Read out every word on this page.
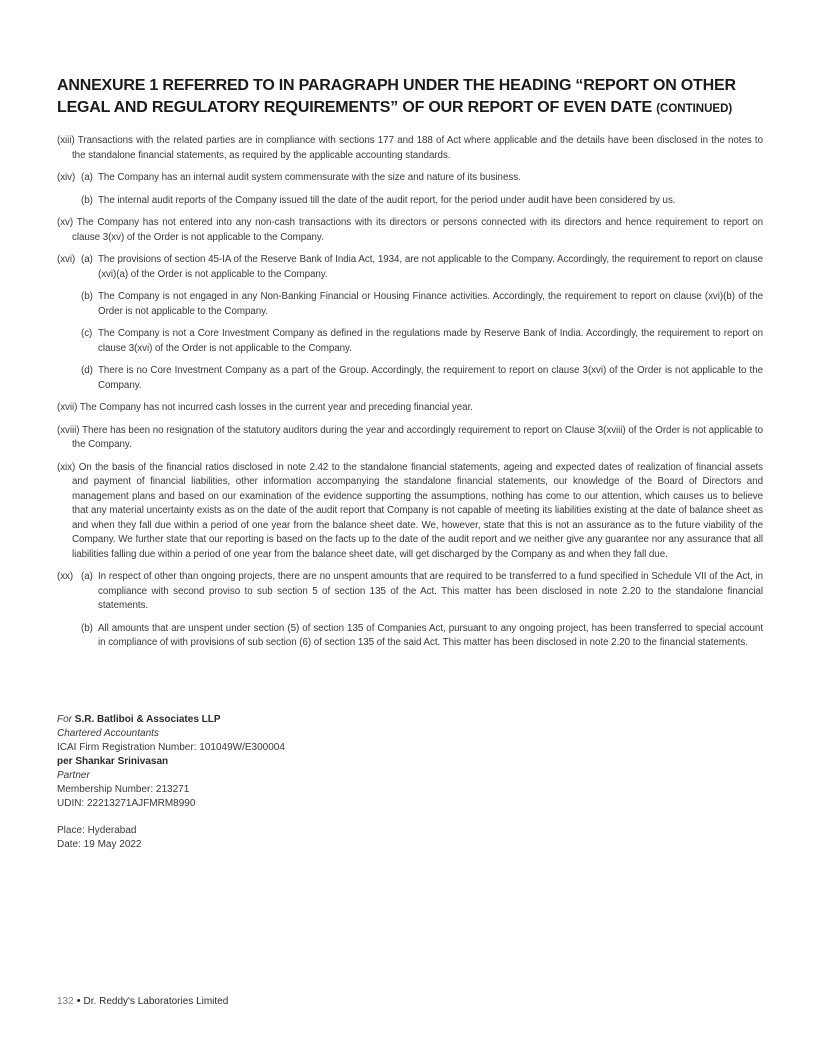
ANNEXURE 1 REFERRED TO IN PARAGRAPH UNDER THE HEADING “REPORT ON OTHER LEGAL AND REGULATORY REQUIREMENTS” OF OUR REPORT OF EVEN DATE (CONTINUED)

(xiii) Transactions with the related parties are in compliance with sections 177 and 188 of Act where applicable and the details have been disclosed in the notes to the standalone financial statements, as required by the applicable accounting standards.

(xiv) (a) The Company has an internal audit system commensurate with the size and nature of its business.
(b) The internal audit reports of the Company issued till the date of the audit report, for the period under audit have been considered by us.

(xv) The Company has not entered into any non-cash transactions with its directors or persons connected with its directors and hence requirement to report on clause 3(xv) of the Order is not applicable to the Company.

(xvi) (a) The provisions of section 45-IA of the Reserve Bank of India Act, 1934, are not applicable to the Company. Accordingly, the requirement to report on clause (xvi)(a) of the Order is not applicable to the Company.
(b) The Company is not engaged in any Non-Banking Financial or Housing Finance activities. Accordingly, the requirement to report on clause (xvi)(b) of the Order is not applicable to the Company.
(c) The Company is not a Core Investment Company as defined in the regulations made by Reserve Bank of India. Accordingly, the requirement to report on clause 3(xvi) of the Order is not applicable to the Company.
(d) There is no Core Investment Company as a part of the Group. Accordingly, the requirement to report on clause 3(xvi) of the Order is not applicable to the Company.

(xvii) The Company has not incurred cash losses in the current year and preceding financial year.

(xviii) There has been no resignation of the statutory auditors during the year and accordingly requirement to report on Clause 3(xviii) of the Order is not applicable to the Company.

(xix) On the basis of the financial ratios disclosed in note 2.42 to the standalone financial statements, ageing and expected dates of realization of financial assets and payment of financial liabilities, other information accompanying the standalone financial statements, our knowledge of the Board of Directors and management plans and based on our examination of the evidence supporting the assumptions, nothing has come to our attention, which causes us to believe that any material uncertainty exists as on the date of the audit report that Company is not capable of meeting its liabilities existing at the date of balance sheet as and when they fall due within a period of one year from the balance sheet date. We, however, state that this is not an assurance as to the future viability of the Company. We further state that our reporting is based on the facts up to the date of the audit report and we neither give any guarantee nor any assurance that all liabilities falling due within a period of one year from the balance sheet date, will get discharged by the Company as and when they fall due.

(xx) (a) In respect of other than ongoing projects, there are no unspent amounts that are required to be transferred to a fund specified in Schedule VII of the Act, in compliance with second proviso to sub section 5 of section 135 of the Act. This matter has been disclosed in note 2.20 to the standalone financial statements.
(b) All amounts that are unspent under section (5) of section 135 of Companies Act, pursuant to any ongoing project, has been transferred to special account in compliance of with provisions of sub section (6) of section 135 of the said Act. This matter has been disclosed in note 2.20 to the financial statements.

For S.R. Batliboi & Associates LLP

Chartered Accountants

ICAI Firm Registration Number: 101049W/E300004

per Shankar Srinivasan

Partner

Membership Number: 213271

UDIN: 22213271AJFMRM8990

Place: Hyderabad

Date: 19 May 2022

132 • Dr. Reddy's Laboratories Limited
